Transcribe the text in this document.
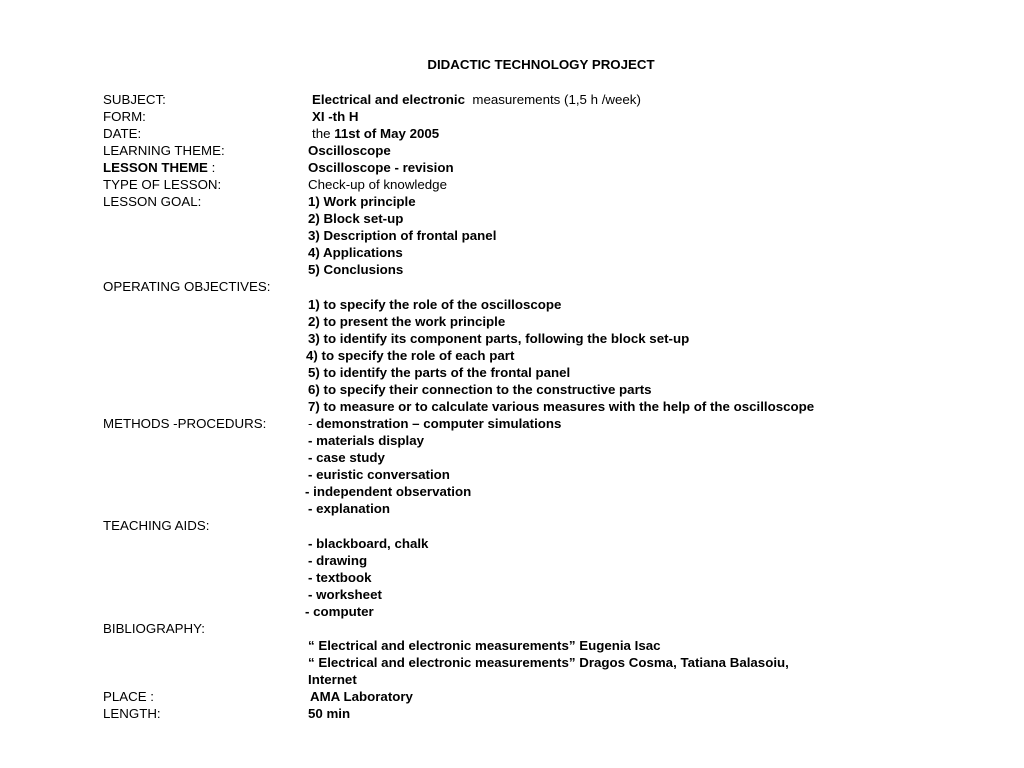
DIDACTIC TECHNOLOGY PROJECT
SUBJECT:	Electrical and electronic measurements (1,5 h /week)
FORM:	XI -th H
DATE:	the 11st of May 2005
LEARNING THEME:	Oscilloscope
LESSON THEME :	Oscilloscope - revision
TYPE OF LESSON:	Check-up of knowledge
LESSON GOAL:	1) Work principle
2) Block set-up
3) Description of frontal panel
4) Applications
5) Conclusions
OPERATING OBJECTIVES:
1) to specify the role of the oscilloscope
2) to present the work principle
3) to identify its component parts, following the block set-up
4) to specify the role of each part
5) to identify the parts of the frontal panel
6) to specify their connection to the constructive parts
7) to measure or to calculate various measures with the help of the oscilloscope
METHODS -PROCEDURS:	- demonstration – computer simulations
- materials display
- case study
- euristic conversation
- independent observation
- explanation
TEACHING AIDS:
- blackboard, chalk
- drawing
- textbook
- worksheet
- computer
BIBLIOGRAPHY:
“ Electrical and electronic measurements” Eugenia Isac
“ Electrical and electronic measurements” Dragos Cosma, Tatiana Balasoiu,
Internet
PLACE :	AMA Laboratory
LENGTH:	50 min
